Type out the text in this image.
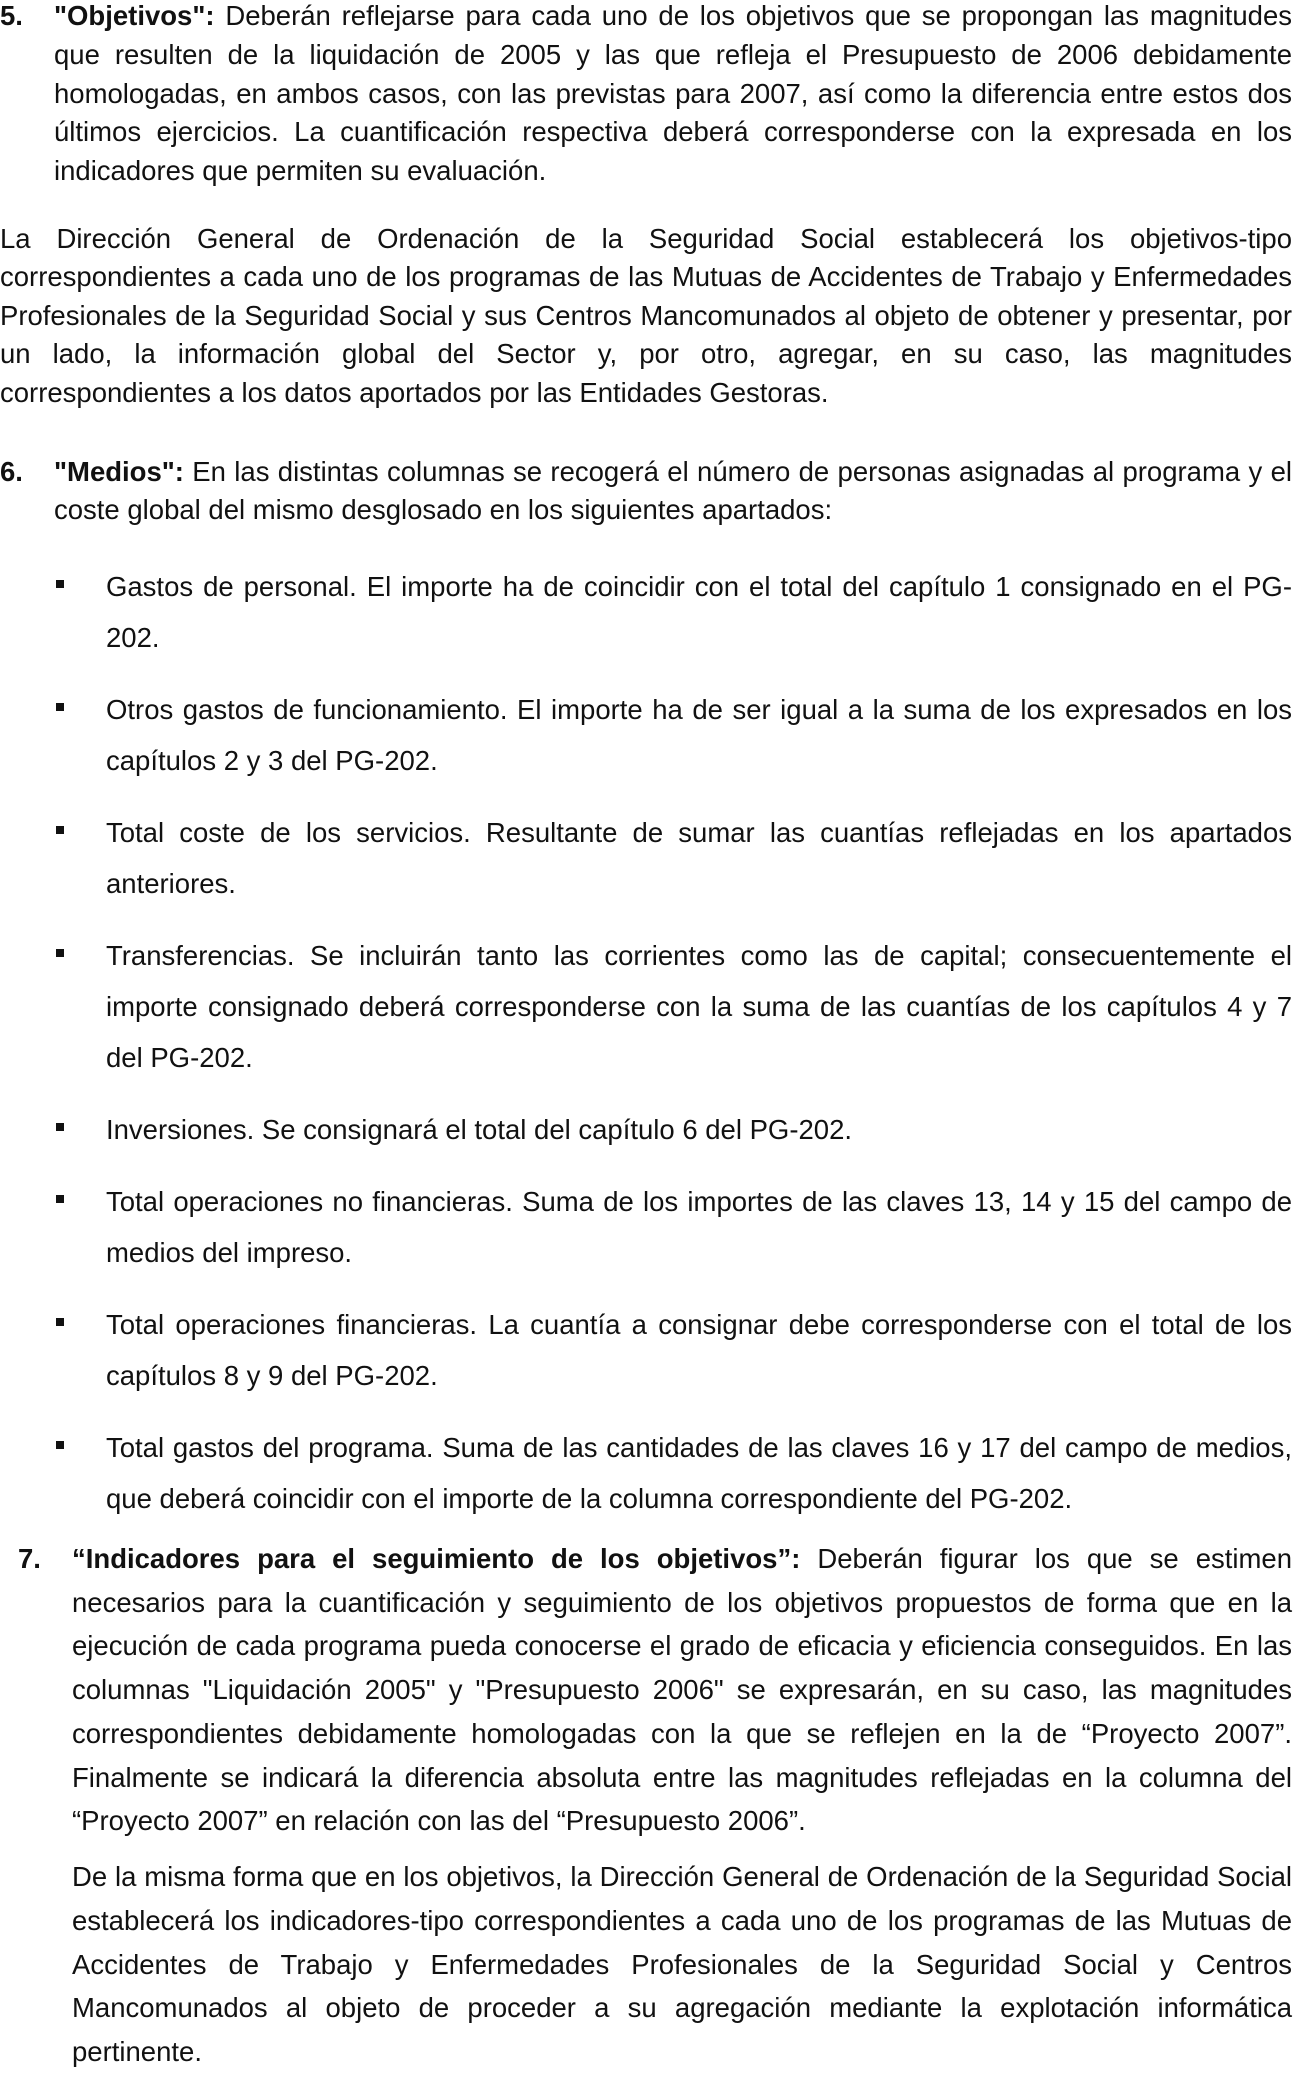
5. "Objetivos": Deberán reflejarse para cada uno de los objetivos que se propongan las magnitudes que resulten de la liquidación de 2005 y las que refleja el Presupuesto de 2006 debidamente homologadas, en ambos casos, con las previstas para 2007, así como la diferencia entre estos dos últimos ejercicios. La cuantificación respectiva deberá corresponderse con la expresada en los indicadores que permiten su evaluación.

La Dirección General de Ordenación de la Seguridad Social establecerá los objetivos-tipo correspondientes a cada uno de los programas de las Mutuas de Accidentes de Trabajo y Enfermedades Profesionales de la Seguridad Social y sus Centros Mancomunados al objeto de obtener y presentar, por un lado, la información global del Sector y, por otro, agregar, en su caso, las magnitudes correspondientes a los datos aportados por las Entidades Gestoras.

6. "Medios": En las distintas columnas se recogerá el número de personas asignadas al programa y el coste global del mismo desglosado en los siguientes apartados:
Gastos de personal. El importe ha de coincidir con el total del capítulo 1 consignado en el PG-202.
Otros gastos de funcionamiento. El importe ha de ser igual a la suma de los expresados en los capítulos 2 y 3 del PG-202.
Total coste de los servicios. Resultante de sumar las cuantías reflejadas en los apartados anteriores.
Transferencias. Se incluirán tanto las corrientes como las de capital; consecuentemente el importe consignado deberá corresponderse con la suma de las cuantías de los capítulos 4 y 7 del PG-202.
Inversiones. Se consignará el total del capítulo 6 del PG-202.
Total operaciones no financieras. Suma de los importes de las claves 13, 14 y 15 del campo de medios del impreso.
Total operaciones financieras. La cuantía a consignar debe corresponderse con el total de los capítulos 8 y 9 del PG-202.
Total gastos del programa. Suma de las cantidades de las claves 16 y 17 del campo de medios, que deberá coincidir con el importe de la columna correspondiente del PG-202.
7. “Indicadores para el seguimiento de los objetivos”: Deberán figurar los que se estimen necesarios para la cuantificación y seguimiento de los objetivos propuestos de forma que en la ejecución de cada programa pueda conocerse el grado de eficacia y eficiencia conseguidos. En las columnas "Liquidación 2005" y "Presupuesto 2006" se expresarán, en su caso, las magnitudes correspondientes debidamente homologadas con la que se reflejen en la de “Proyecto 2007”. Finalmente se indicará la diferencia absoluta entre las magnitudes reflejadas en la columna del “Proyecto 2007” en relación con las del “Presupuesto 2006”.

De la misma forma que en los objetivos, la Dirección General de Ordenación de la Seguridad Social establecerá los indicadores-tipo correspondientes a cada uno de los programas de las Mutuas de Accidentes de Trabajo y Enfermedades Profesionales de la Seguridad Social y Centros Mancomunados al objeto de proceder a su agregación mediante la explotación informática pertinente.
